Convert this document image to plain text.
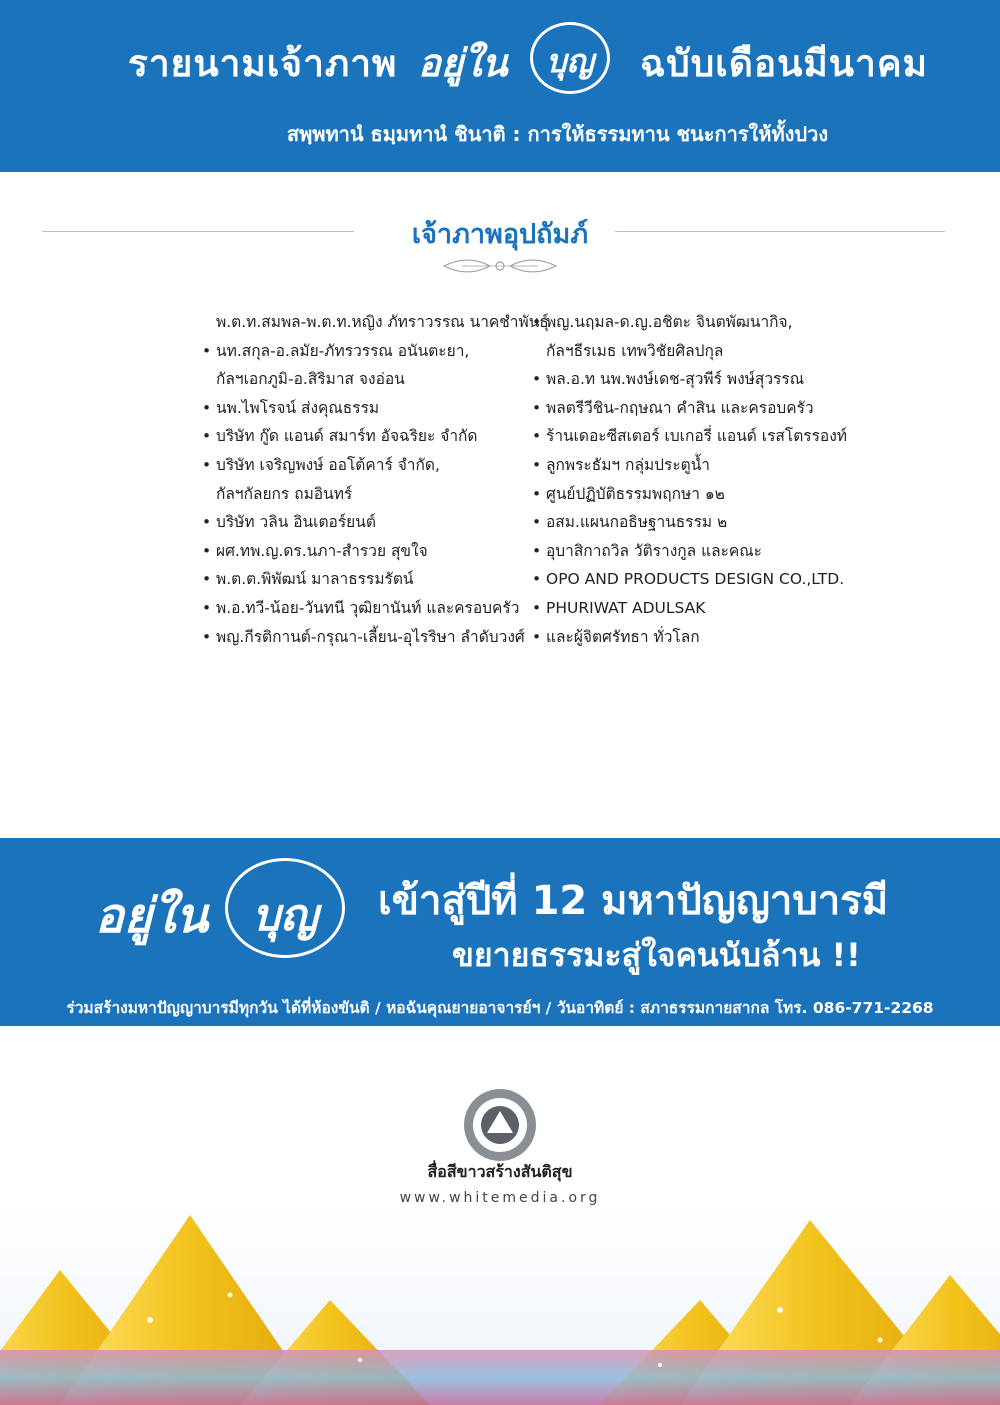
รายนามเจ้าภาพ อยู่ใน	บุญ	ฉบับเดือนมีนาคม
สพฺพทานํ ธมฺมทานํ ชินาติ : การให้ธรรมทาน ชนะการให้ทั้งปวง
เจ้าภาพอุปถัมภ์
พ.ต.ท.สมพล-พ.ต.ท.หญิง ภัทราวรรณ นาคชำพันธุ์
• นท.สกุล-อ.ลมัย-ภัทรวรรณ อนันตะยา,
กัลฯเอกภูมิ-อ.สิริมาส จงอ่อน
• นพ.ไพโรจน์ ส่งคุณธรรม
• บริษัท กู๊ด แอนด์ สมาร์ท อัจฉริยะ จำกัด
• บริษัท เจริญพงษ์ ออโต้คาร์ จำกัด,
กัลฯกัลยกร ถมอินทร์
• บริษัท วลิน อินเตอร์ยนต์
• ผศ.ทพ.ญ.ดร.นภา-สำรวย สุขใจ
• พ.ต.ต.พิพัฒน์ มาลาธรรมรัตน์
• พ.อ.ทวี-น้อย-วันทนี วุฒิยานันท์ และครอบครัว
• พญ.กีรติกานต์-กรุณา-เลี้ยน-อุไรริษา ลำดับวงศ์
• พญ.นฤมล-ด.ญ.อชิตะ จินตพัฒนากิจ,
กัลฯธีรเมธ เทพวิชัยศิลปกุล
• พล.อ.ท นพ.พงษ์เดช-สุวพีร์ พงษ์สุวรรณ
• พลตรีวีชิน-กฤษณา คำสิน และครอบครัว
• ร้านเดอะซีสเตอร์ เบเกอรี่ แอนด์ เรสโตรรองท์
• ลูกพระธัมฯ กลุ่มประตูน้ำ
• ศูนย์ปฏิบัติธรรมพฤกษา ๑๒
• อสม.แผนกอธิษฐานธรรม ๒
• อุบาสิกาถวิล วัติรางกูล และคณะ
• OPO AND PRODUCTS DESIGN CO.,LTD.
• PHURIWAT ADULSAK
• และผู้จิตศรัทธา ทั่วโลก
อยู่ใน	บุญ	เข้าสู่ปีที่ 12 มหาปัญญาบารมี
ขยายธรรมะสู่ใจคนนับล้าน !!
ร่วมสร้างมหาปัญญาบารมีทุกวัน ได้ที่ห้องขันติ / หอฉันคุณยายอาจารย์ฯ / วันอาทิตย์ : สภาธรรมกายสากล โทร. 086-771-2268
สื่อสีขาวสร้างสันติสุข
www.whitemedia.org
